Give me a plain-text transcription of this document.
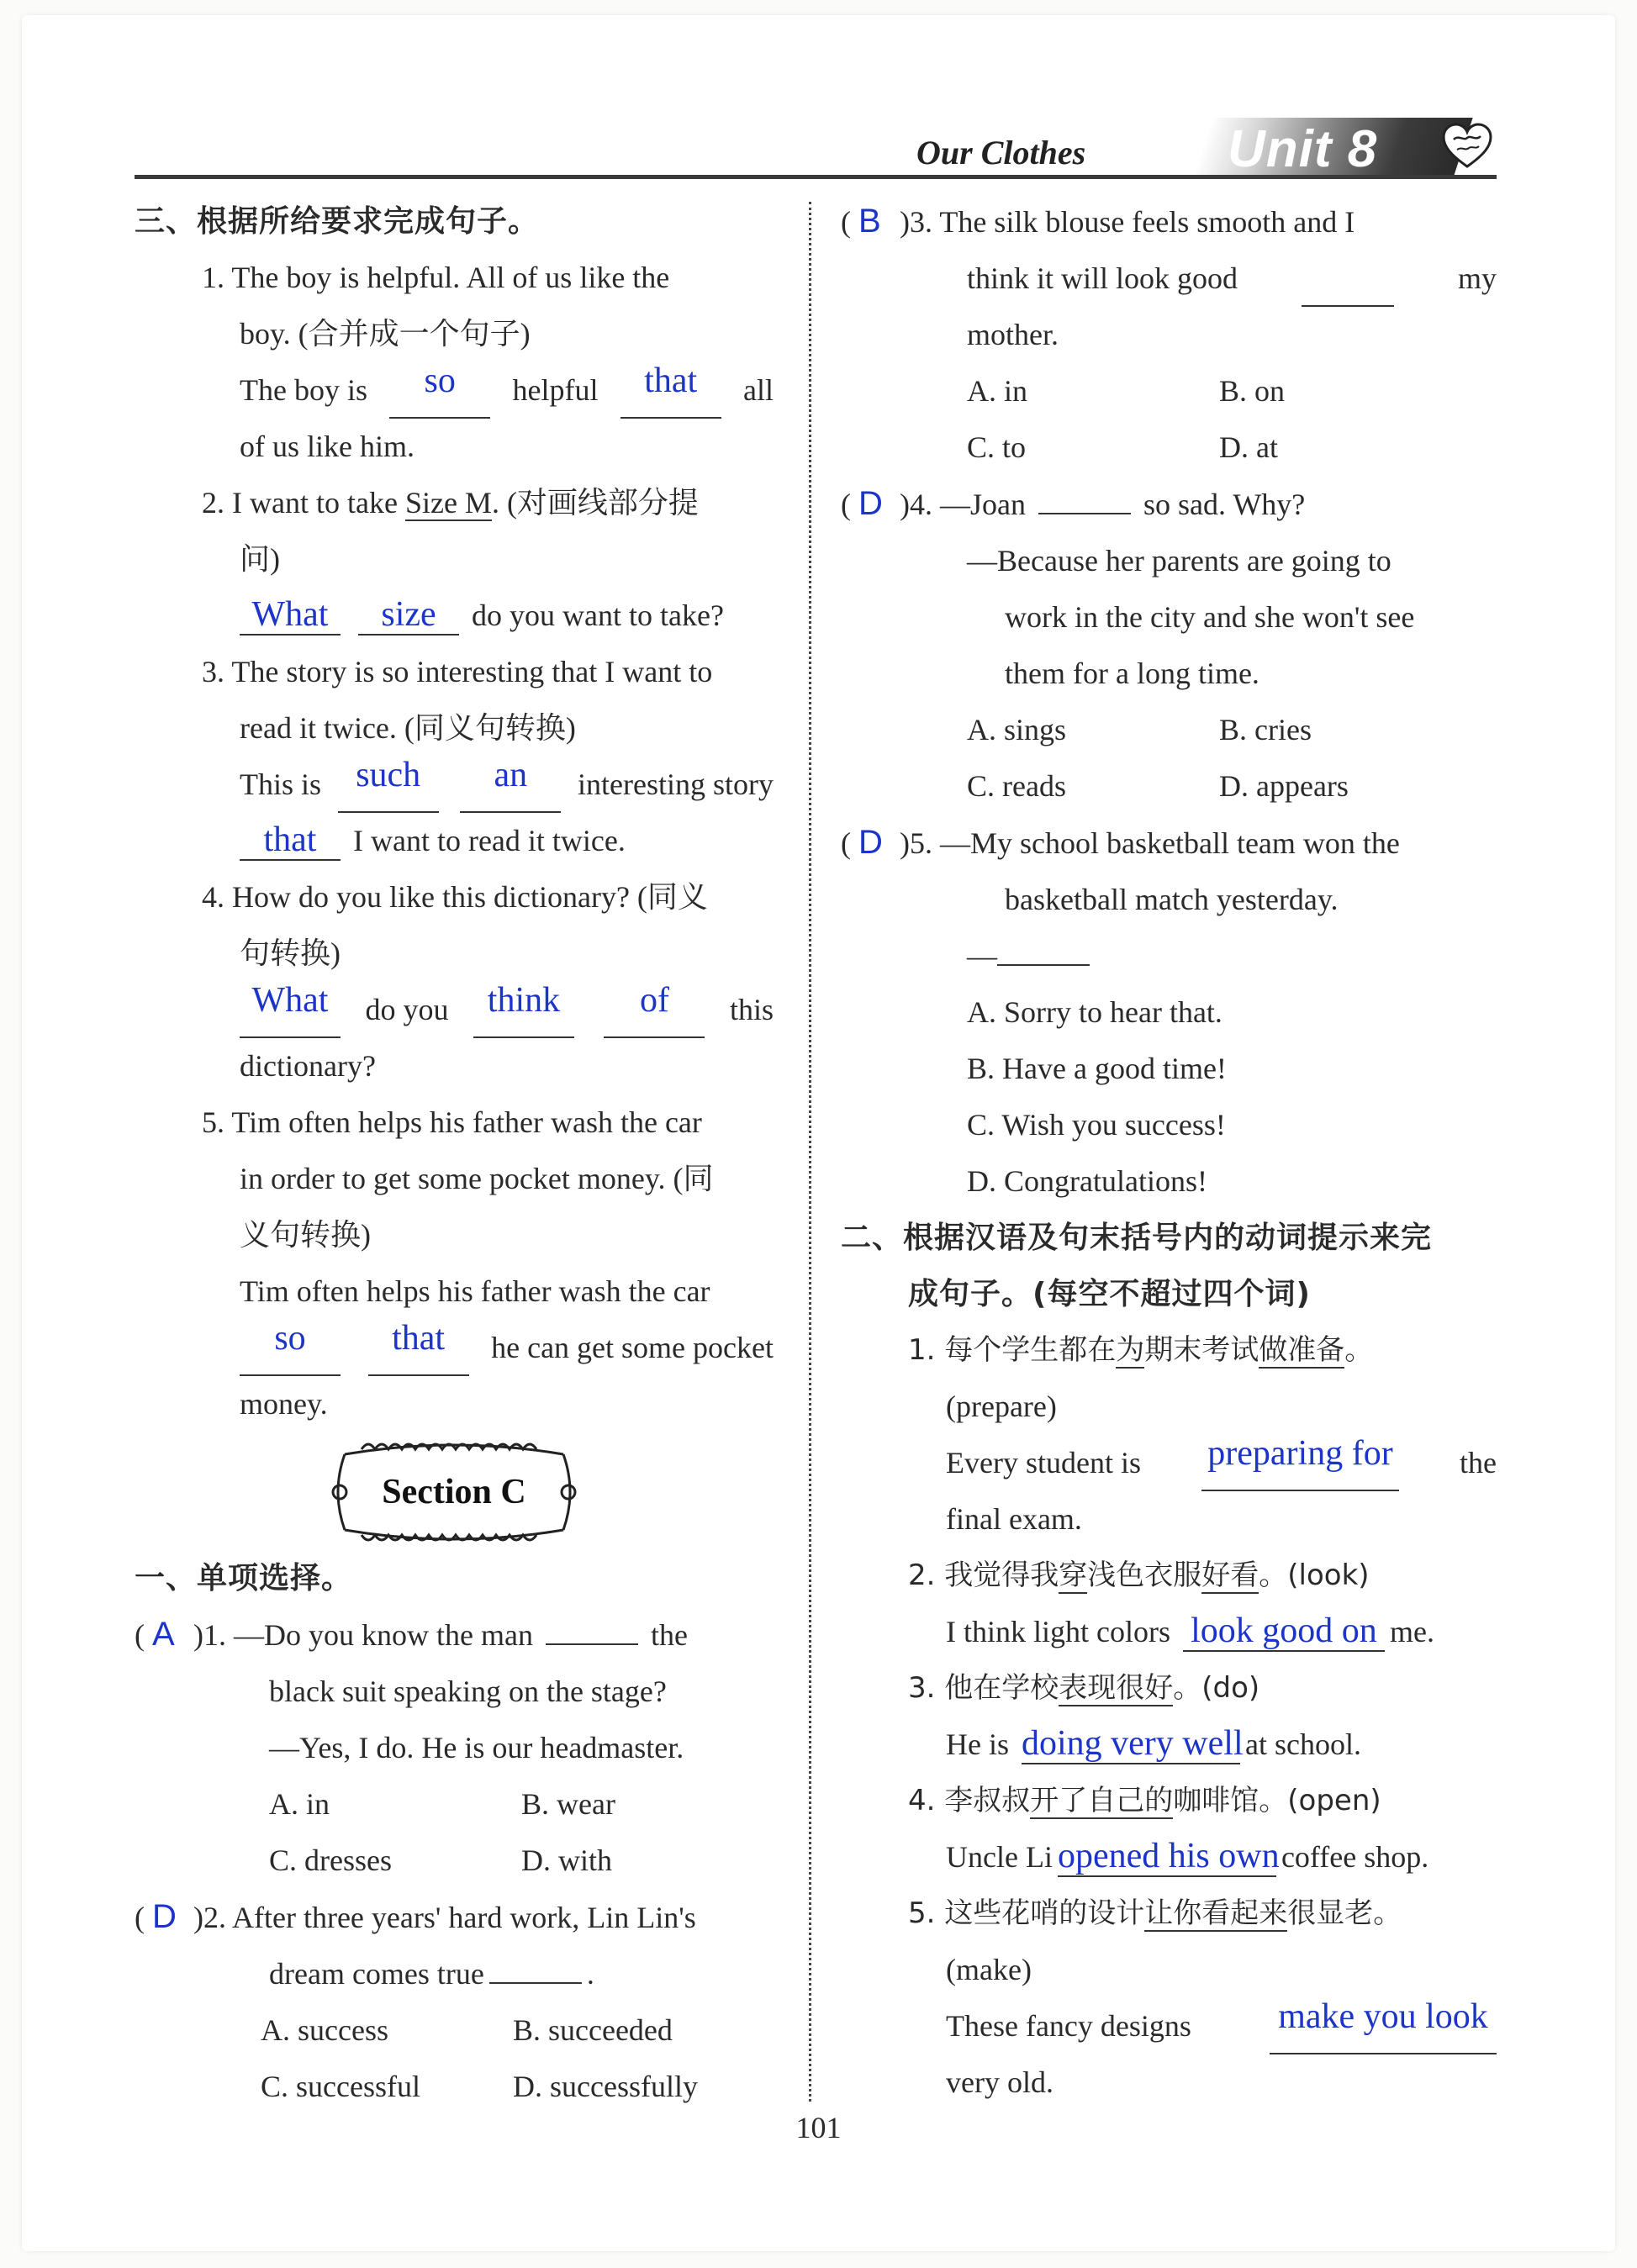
Our Clothes	Unit 8
三、根据所给要求完成句子。
1. The boy is helpful. All of us like the
boy. (合并成一个句子)
The boy is	so	helpful	that	all
of us like him.
2. I want to take Size M. (对画线部分提
问)
What size do you want to take?
3. The story is so interesting that I want to
read it twice. (同义句转换)
This is such	an	interesting story
that I want to read it twice.
4. How do you like this dictionary? (同义
句转换)
What	do you	think	of	this
dictionary?
5. Tim often helps his father wash the car
in order to get some pocket money. (同
义句转换)
Tim often helps his father wash the car
so	that	he can get some pocket
money.
Section C
一、单项选择。
( A )1. —Do you know the man	the
black suit speaking on the stage?
—Yes, I do. He is our headmaster.
A. in	B. wear
C. dresses	D. with
( D )2. After three years' hard work, Lin Lin's
dream comes true	.
A. success	B. succeeded
C. successful	D. successfully
( B )3. The silk blouse feels smooth and I
think it will look good	my
mother.
A. in	B. on
C. to	D. at
( D )4. —Joan	so sad. Why?
—Because her parents are going to
work in the city and she won't see
them for a long time.
A. sings	B. cries
C. reads	D. appears
( D )5. —My school basketball team won the
basketball match yesterday.
—
A. Sorry to hear that.
B. Have a good time!
C. Wish you success!
D. Congratulations!
二、根据汉语及句末括号内的动词提示来完
成句子。(每空不超过四个词)
1. 每个学生都在为期末考试做准备。
(prepare)
Every student is preparing for the
final exam.
2. 我觉得我穿浅色衣服好看。(look)
I think light colors look good on me.
3. 他在学校表现很好。(do)
He is doing very wellat school.
4. 李叔叔开了自己的咖啡馆。(open)
Uncle Li opened his owncoffee shop.
5. 这些花哨的设计让你看起来很显老。
(make)
These fancy designs make you look
very old.
101
